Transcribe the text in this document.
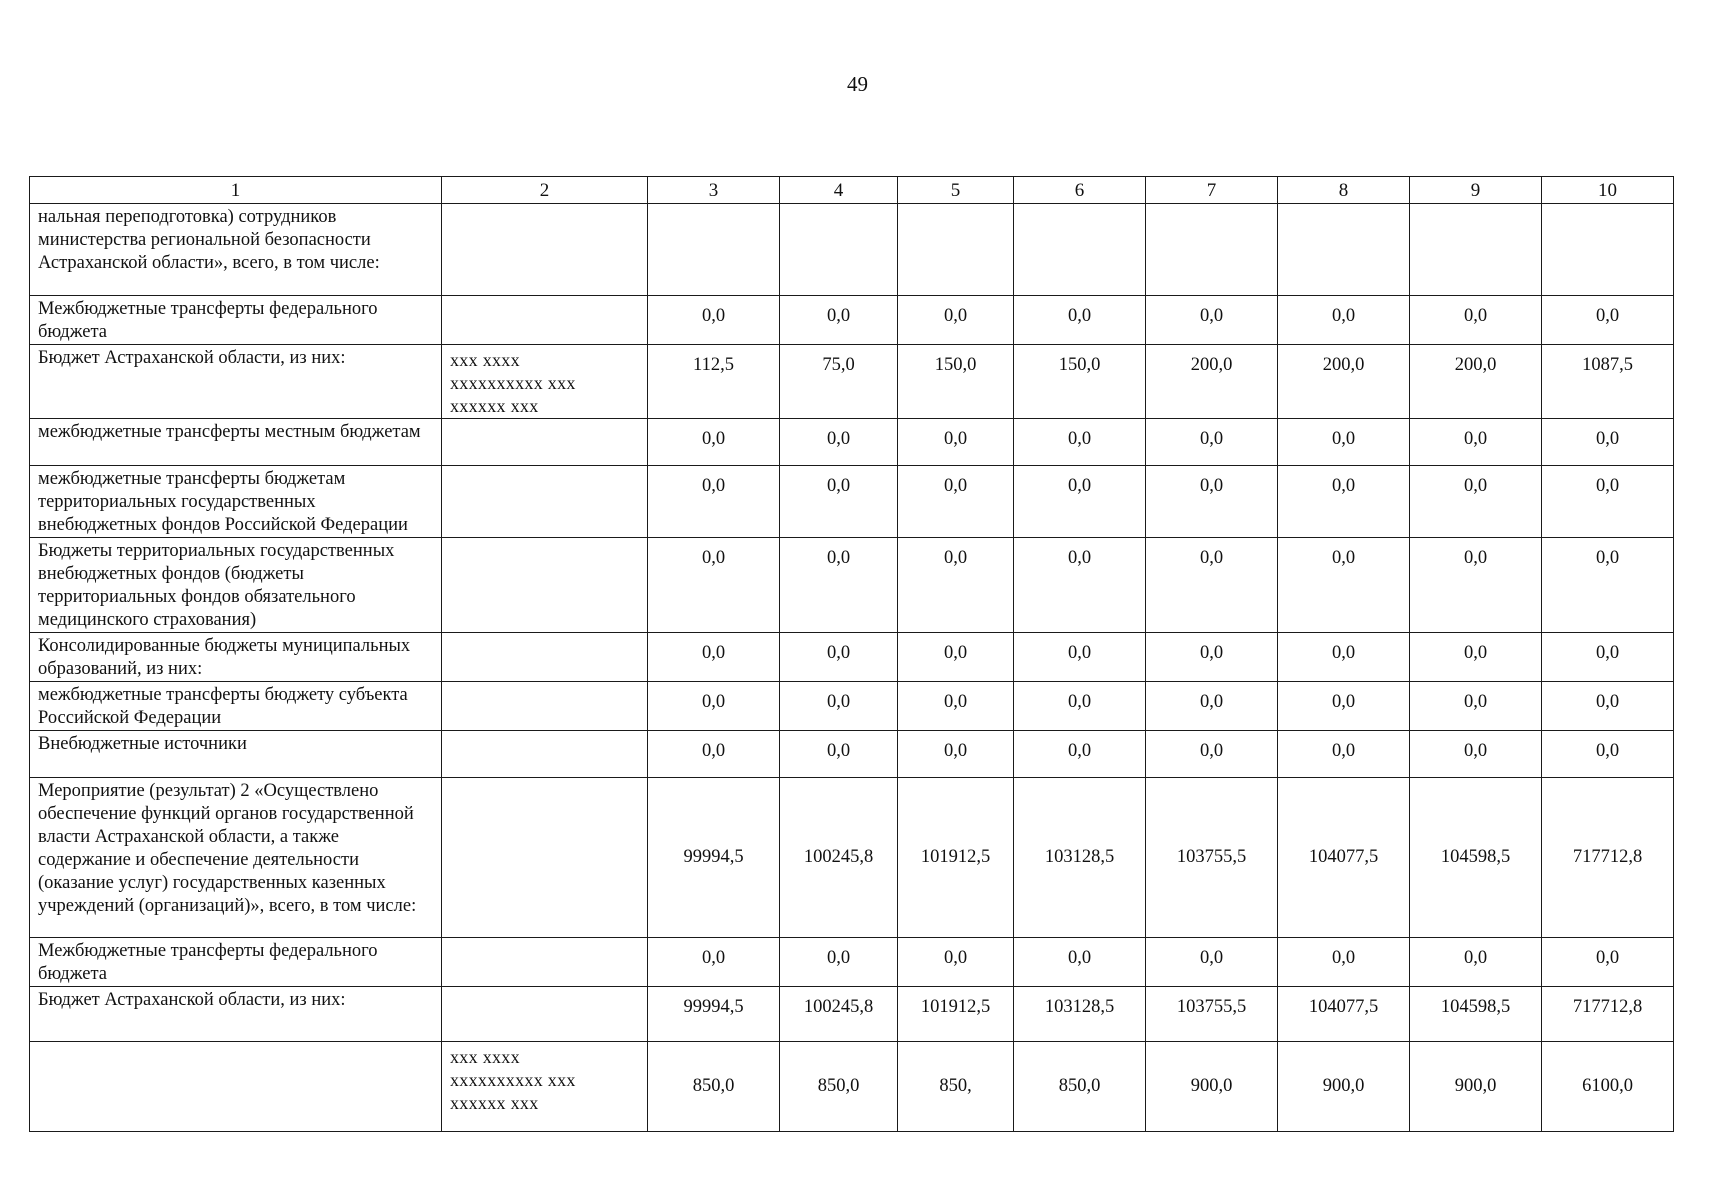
49
1	2	3	4	5	6	7	8	9	10
нальная переподготовка) сотрудников министерства региональной безопасности Астраханской области», всего, в том числе:									
Межбюджетные трансферты федерального бюджета		0,0	0,0	0,0	0,0	0,0	0,0	0,0	0,0
Бюджет Астраханской области, из них:	ххх хххх
хххххххххх ххх
хххххх ххх	112,5	75,0	150,0	150,0	200,0	200,0	200,0	1087,5
межбюджетные трансферты местным бюджетам		0,0	0,0	0,0	0,0	0,0	0,0	0,0	0,0
межбюджетные трансферты бюджетам территориальных государственных внебюджетных фондов Российской Федерации		0,0	0,0	0,0	0,0	0,0	0,0	0,0	0,0
Бюджеты территориальных государственных внебюджетных фондов (бюджеты территориальных фондов обязательного медицинского страхования)		0,0	0,0	0,0	0,0	0,0	0,0	0,0	0,0
Консолидированные бюджеты муниципальных образований, из них:		0,0	0,0	0,0	0,0	0,0	0,0	0,0	0,0
межбюджетные трансферты бюджету субъекта Российской Федерации		0,0	0,0	0,0	0,0	0,0	0,0	0,0	0,0
Внебюджетные источники		0,0	0,0	0,0	0,0	0,0	0,0	0,0	0,0
Мероприятие (результат) 2 «Осуществлено обеспечение функций органов государственной власти Астраханской области, а также содержание и обеспечение деятельности (оказание услуг) государственных казенных учреждений (организаций)», всего, в том числе:		99994,5	100245,8	101912,5	103128,5	103755,5	104077,5	104598,5	717712,8
Межбюджетные трансферты федерального бюджета		0,0	0,0	0,0	0,0	0,0	0,0	0,0	0,0
Бюджет Астраханской области, из них:		99994,5	100245,8	101912,5	103128,5	103755,5	104077,5	104598,5	717712,8

	ххх хххх
хххххххххх ххх
хххххх ххх	850,0	850,0	850,	850,0	900,0	900,0	900,0	6100,0
